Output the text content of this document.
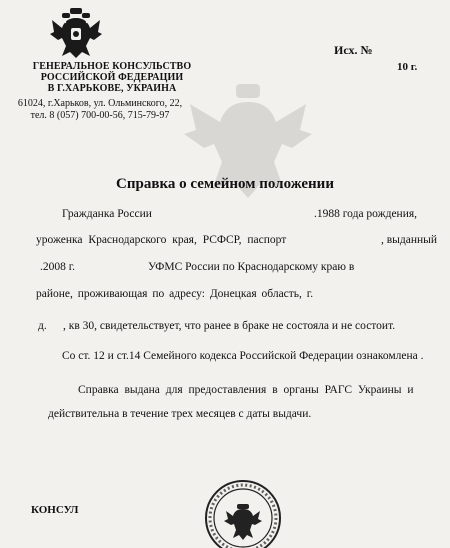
ГЕНЕРАЛЬНОЕ КОНСУЛЬСТВО
РОССИЙСКОЙ ФЕДЕРАЦИИ
В Г.ХАРЬКОВЕ, УКРАИНА
61024, г.Харьков, ул. Ольминского, 22,
тел. 8 (057) 700-00-56, 715-79-97
Исх. №
10 г.
Справка о семейном положении
Гражданка России	.1988 года рождения,
уроженка Краснодарского края, РСФСР, паспорт	, выданный
.2008 г.	УФМС России по Краснодарскому краю в
районе, проживающая по адресу: Донецкая область, г.
д. , кв 30, свидетельствует, что ранее в браке не состояла и не состоит.
Со ст. 12 и ст.14 Семейного кодекса Российской Федерации ознакомлена .
Справка выдана для предоставления в органы РАГС Украины и
действительна в течение трех месяцев с даты выдачи.
КОНСУЛ
